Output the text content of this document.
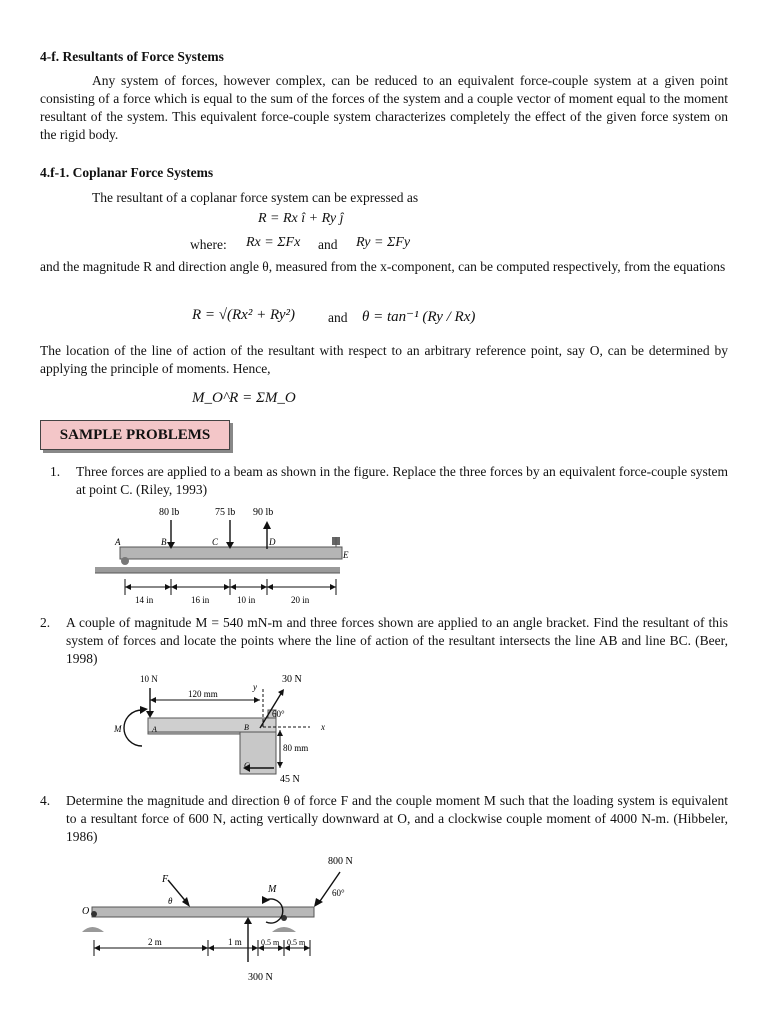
4-f. Resultants of Force Systems
Any system of forces, however complex, can be reduced to an equivalent force-couple system at a given point consisting of a force which is equal to the sum of the forces of the system and a couple vector of moment equal to the moment resultant of the system. This equivalent force-couple system characterizes completely the effect of the given force system on the rigid body.
4.f-1. Coplanar Force Systems
The resultant of a coplanar force system can be expressed as
R = Rx î + Ry ĵ
where: Rx = ΣFx and Ry = ΣFy
and the magnitude R and direction angle θ, measured from the x-component, can be computed respectively, from the equations
R = √(Rx² + Ry²) and θ = tan⁻¹ (Ry / Rx)
The location of the line of action of the resultant with respect to an arbitrary reference point, say O, can be determined by applying the principle of moments. Hence,
M_O^R = ΣM_O
SAMPLE PROBLEMS
1. Three forces are applied to a beam as shown in the figure. Replace the three forces by an equivalent force-couple system at point C. (Riley, 1993)
80 lb	75 lb 90 lb
A	B	C	D
E
14 in	16 in	10 in	20 in
2. A couple of magnitude M = 540 mN-m and three forces shown are applied to an angle bracket. Find the resultant of this system of forces and locate the points where the line of action of the resultant intersects the line AB and line BC. (Beer, 1998)
y
x
10 N	30 N
60°
45 N
M	A	B
C
120 mm
80 mm
4. Determine the magnitude and direction θ of force F and the couple moment M such that the loading system is equivalent to a resultant force of 600 N, acting vertically downward at O, and a clockwise couple moment of 4000 N-m. (Hibbeler, 1986)
O
F
θ
M
800 N
60°
300 N
2 m	1 m 0.5 m 0.5 m
